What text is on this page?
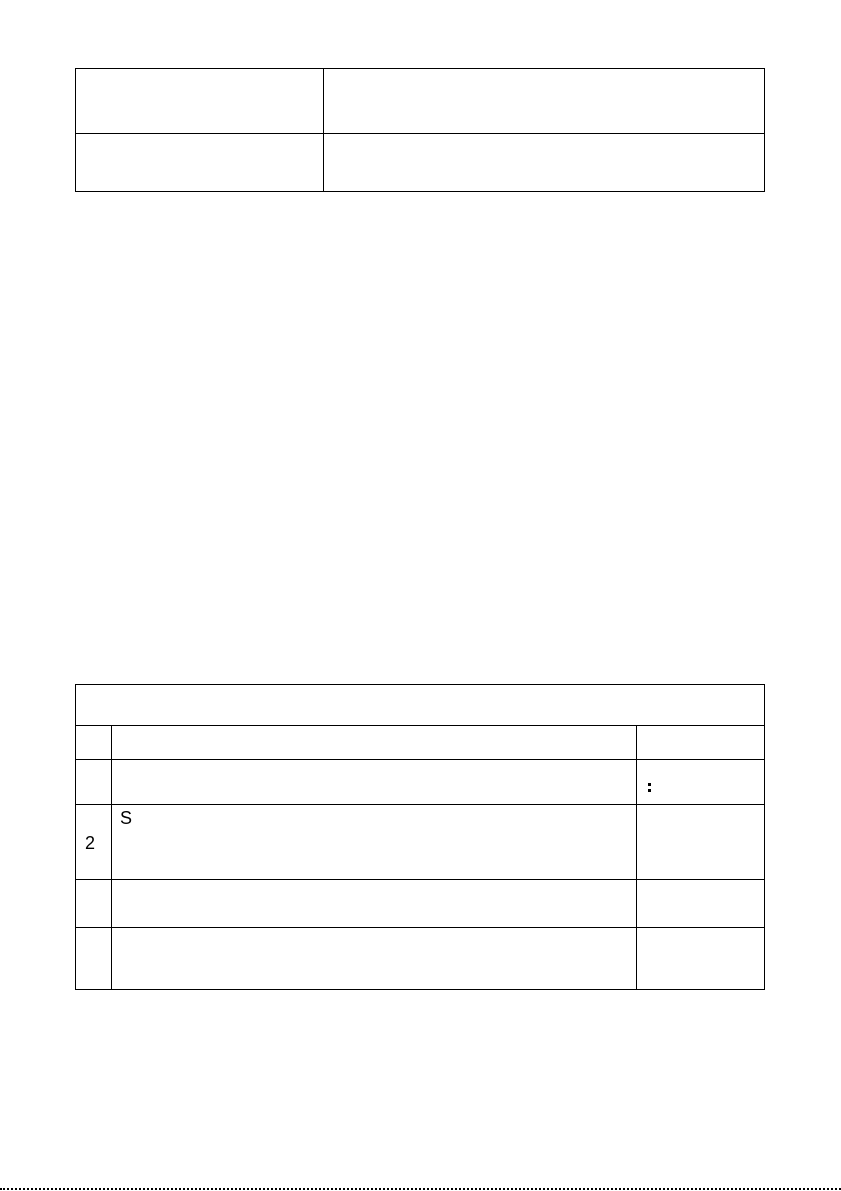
2
S
